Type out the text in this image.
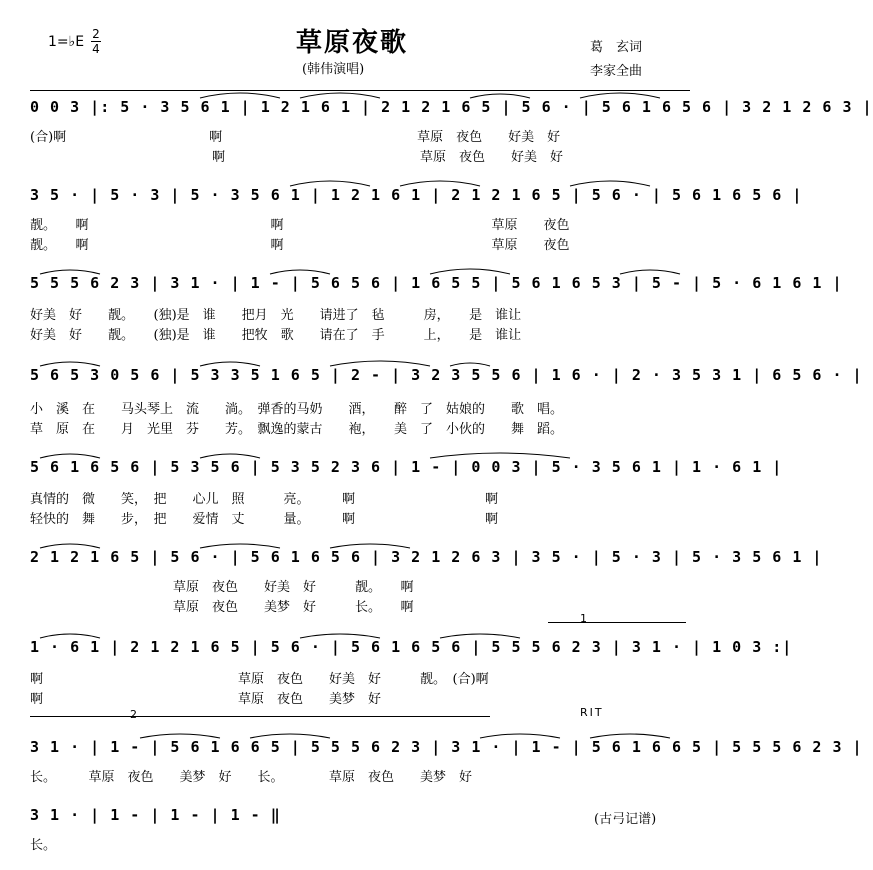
1=♭E 2
4	草原夜歌
(韩伟演唱)
葛　玄词
李家全曲
0 0 3 |: 5 · 3 5 6 1 | 1 2 1 6 1 | 2 1 2 1 6 5 | 5 6 · | 5 6 1 6 5 6 | 3 2 1 2 6 3 |
(合)啊　　　　　　　　　　　啊　　　　　　　　　　　　　　　草原　夜色　　好美　好
　　　　　　　　　　　　　　啊　　　　　　　　　　　　　　　草原　夜色　　好美　好
3 5 · | 5 · 3 | 5 · 3 5 6 1 | 1 2 1 6 1 | 2 1 2 1 6 5 | 5 6 · | 5 6 1 6 5 6 |
靓。　　啊　　　　　　　　　　　　　　啊　　　　　　　　　　　　　　　　草原　　夜色
靓。　　啊　　　　　　　　　　　　　　啊　　　　　　　　　　　　　　　　草原　　夜色
5 5 5 6 2 3 | 3 1 · | 1 - | 5 6 5 6 | 1 6 5 5 | 5 6 1 6 5 3 | 5 - | 5 · 6 1 6 1 |
好美　好　　靓。　　(独)是　谁　　把月　光　　请进了　毡　　　房，　　是　谁让
好美　好　　靓。　　(独)是　谁　　把牧　歌　　请在了　手　　　上，　　是　谁让
5 6 5 3 0 5 6 | 5 3 3 5 1 6 5 | 2 - | 3 2 3 5 5 6 | 1 6 · | 2 · 3 5 3 1 | 6 5 6 · |
小　溪　在　　马头琴上　流　　淌。　弹香的马奶　　酒，　　醉　了　姑娘的　　歌　唱。
草　原　在　　月　光里　芬　　芳。　飘逸的蒙古　　袍，　　美　了　小伙的　　舞　蹈。
5 6 1 6 5 6 | 5 3 5 6 | 5 3 5 2 3 6 | 1 - | 0 0 3 | 5 · 3 5 6 1 | 1 · 6 1 |
真情的　微　　笑，　把　　心儿　照　　　亮。　　　啊　　　　　　　　　　啊
轻快的　舞　　步，　把　　爱情　丈　　　量。　　　啊　　　　　　　　　　啊
2 1 2 1 6 5 | 5 6 · | 5 6 1 6 5 6 | 3 2 1 2 6 3 | 3 5 · | 5 · 3 | 5 · 3 5 6 1 |
　　　　　　　　　　　草原　夜色　　好美　好　　　靓。　　啊
　　　　　　　　　　　草原　夜色　　美梦　好　　　长。　　啊
1
1 · 6 1 | 2 1 2 1 6 5 | 5 6 · | 5 6 1 6 5 6 | 5 5 5 6 2 3 | 3 1 · | 1 0 3 :|
啊　　　　　　　　　　　　　　　草原　夜色　　好美　好　　　靓。　(合)啊
啊　　　　　　　　　　　　　　　草原　夜色　　美梦　好
2	RIT
3 1 · | 1 - | 5 6 1 6 6 5 | 5 5 5 6 2 3 | 3 1 · | 1 - | 5 6 1 6 6 5 | 5 5 5 6 2 3 |
长。　　　草原　夜色　　美梦　好　　长。　　　　草原　夜色　　美梦　好
3 1 · | 1 - | 1 - | 1 - ‖
长。
(古弓记谱)
